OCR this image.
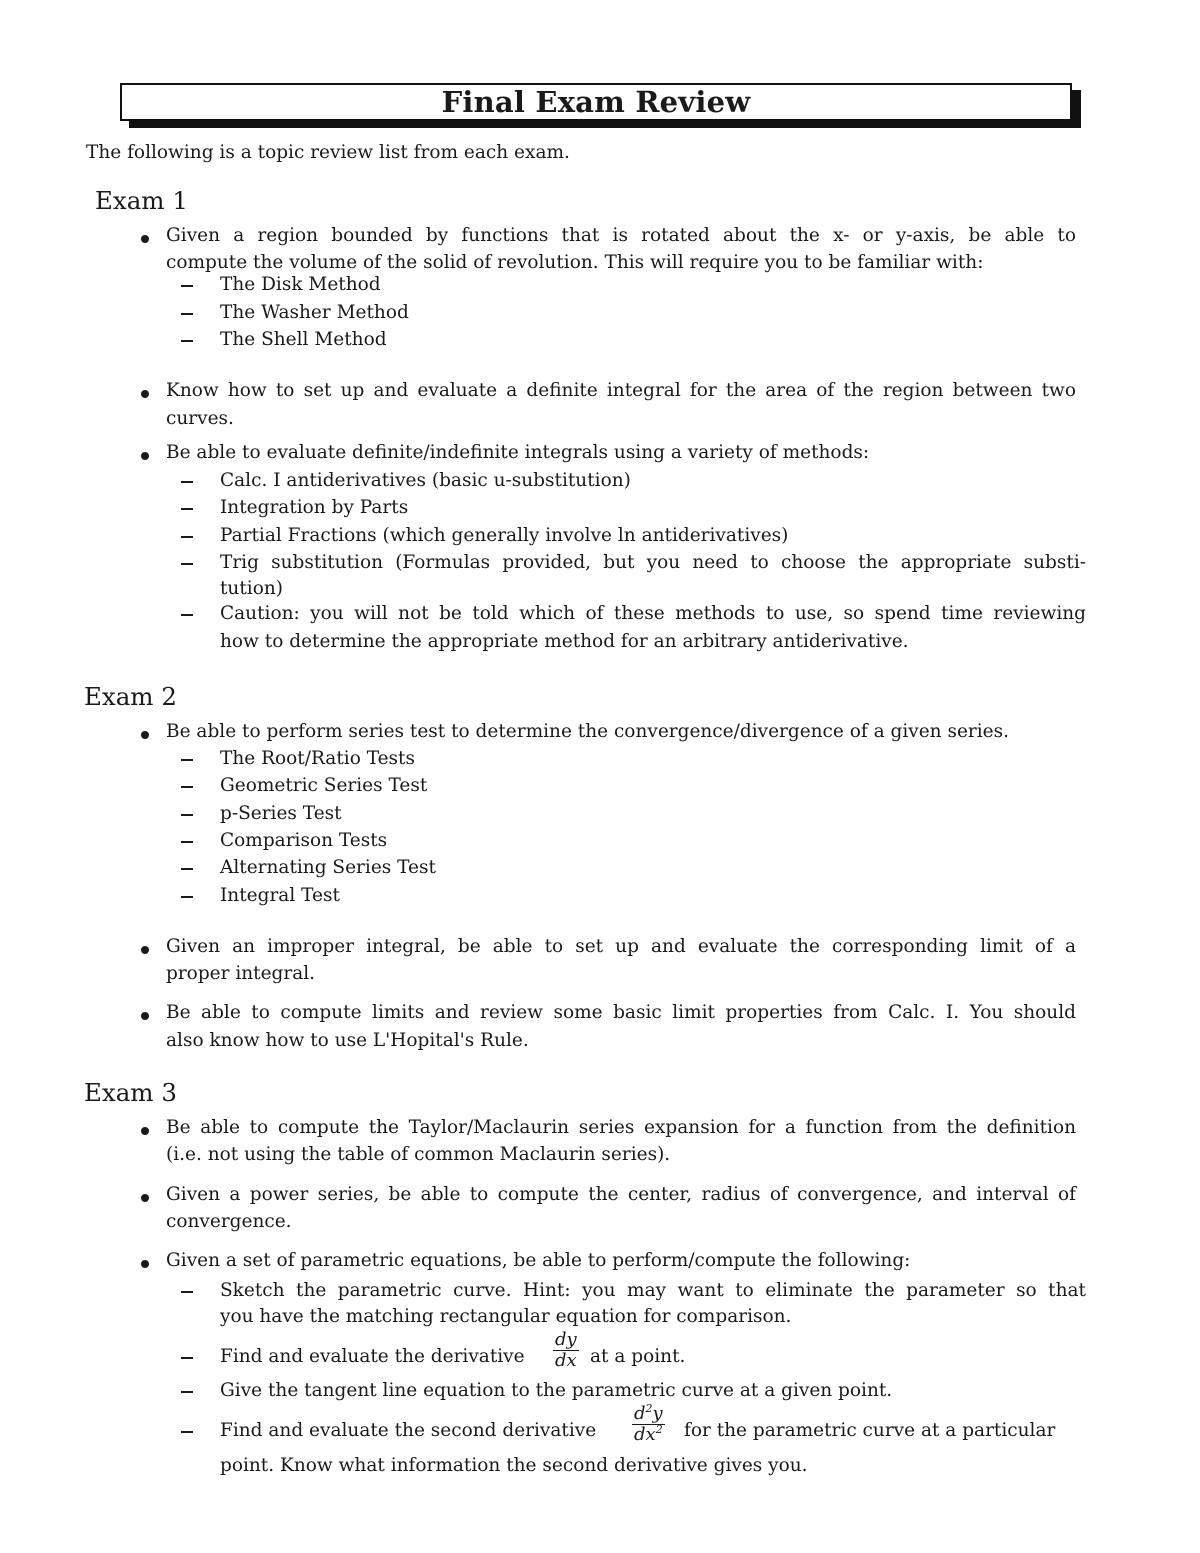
Final Exam Review
The following is a topic review list from each exam.
Exam 1
Given a region bounded by functions that is rotated about the x- or y-axis, be able to
compute the volume of the solid of revolution. This will require you to be familiar with:
The Disk Method
The Washer Method
The Shell Method
Know how to set up and evaluate a definite integral for the area of the region between two
curves.
Be able to evaluate definite/indefinite integrals using a variety of methods:
Calc. I antiderivatives (basic u-substitution)
Integration by Parts
Partial Fractions (which generally involve ln antiderivatives)
Trig substitution (Formulas provided, but you need to choose the appropriate substi-
tution)
Caution: you will not be told which of these methods to use, so spend time reviewing
how to determine the appropriate method for an arbitrary antiderivative.
Exam 2
Be able to perform series test to determine the convergence/divergence of a given series.
The Root/Ratio Tests
Geometric Series Test
p-Series Test
Comparison Tests
Alternating Series Test
Integral Test
Given an improper integral, be able to set up and evaluate the corresponding limit of a
proper integral.
Be able to compute limits and review some basic limit properties from Calc. I. You should
also know how to use L'Hopital's Rule.
Exam 3
Be able to compute the Taylor/Maclaurin series expansion for a function from the definition
(i.e. not using the table of common Maclaurin series).
Given a power series, be able to compute the center, radius of convergence, and interval of
convergence.
Given a set of parametric equations, be able to perform/compute the following:
Sketch the parametric curve. Hint: you may want to eliminate the parameter so that
you have the matching rectangular equation for comparison.
Find and evaluate the derivative $\frac{dy}{dx}$ at a point.
Give the tangent line equation to the parametric curve at a given point.
Find and evaluate the second derivative $\frac{d^2y}{dx^2}$ for the parametric curve at a particular
point. Know what information the second derivative gives you.
